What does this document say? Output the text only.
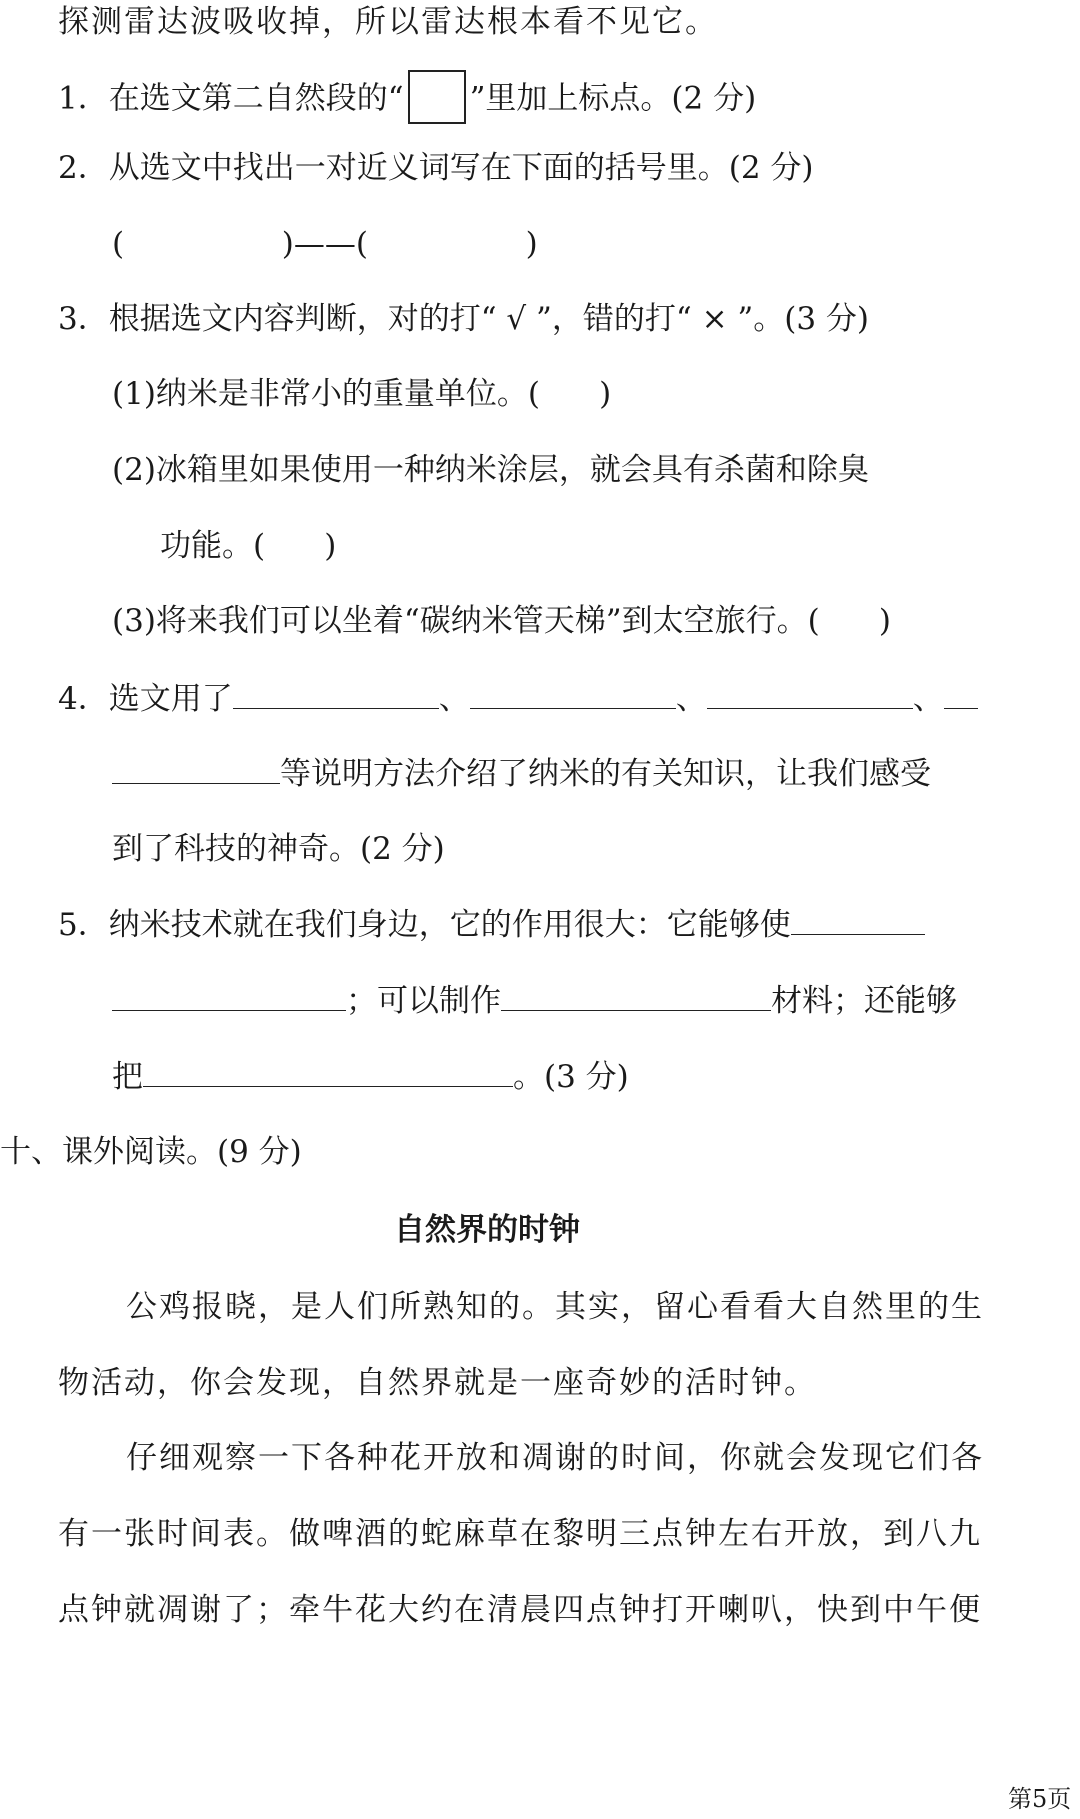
探测雷达波吸收掉，所以雷达根本看不见它。
1．在选文第二自然段的“ ”里加上标点。(2 分)
2．从选文中找出一对近义词写在下面的括号里。(2 分)
(                )——(                )
3．根据选文内容判断，对的打“ √ ”，错的打“ × ”。(3 分)
(1)纳米是非常小的重量单位。(      )
(2)冰箱里如果使用一种纳米涂层，就会具有杀菌和除臭
功能。(      )
(3)将来我们可以坐着“碳纳米管天梯”到太空旅行。(      )
4．选文用了	、	、	、
等说明方法介绍了纳米的有关知识，让我们感受
到了科技的神奇。(2 分)
5．纳米技术就在我们身边，它的作用很大：它能够使
；可以制作	材料；还能够
把	。(3 分)
十、课外阅读。(9 分)
自然界的时钟
公鸡报晓，是人们所熟知的。其实，留心看看大自然里的生
物活动，你会发现，自然界就是一座奇妙的活时钟。
仔细观察一下各种花开放和凋谢的时间，你就会发现它们各
有一张时间表。做啤酒的蛇麻草在黎明三点钟左右开放，到八九
点钟就凋谢了；牵牛花大约在清晨四点钟打开喇叭，快到中午便
第5页
